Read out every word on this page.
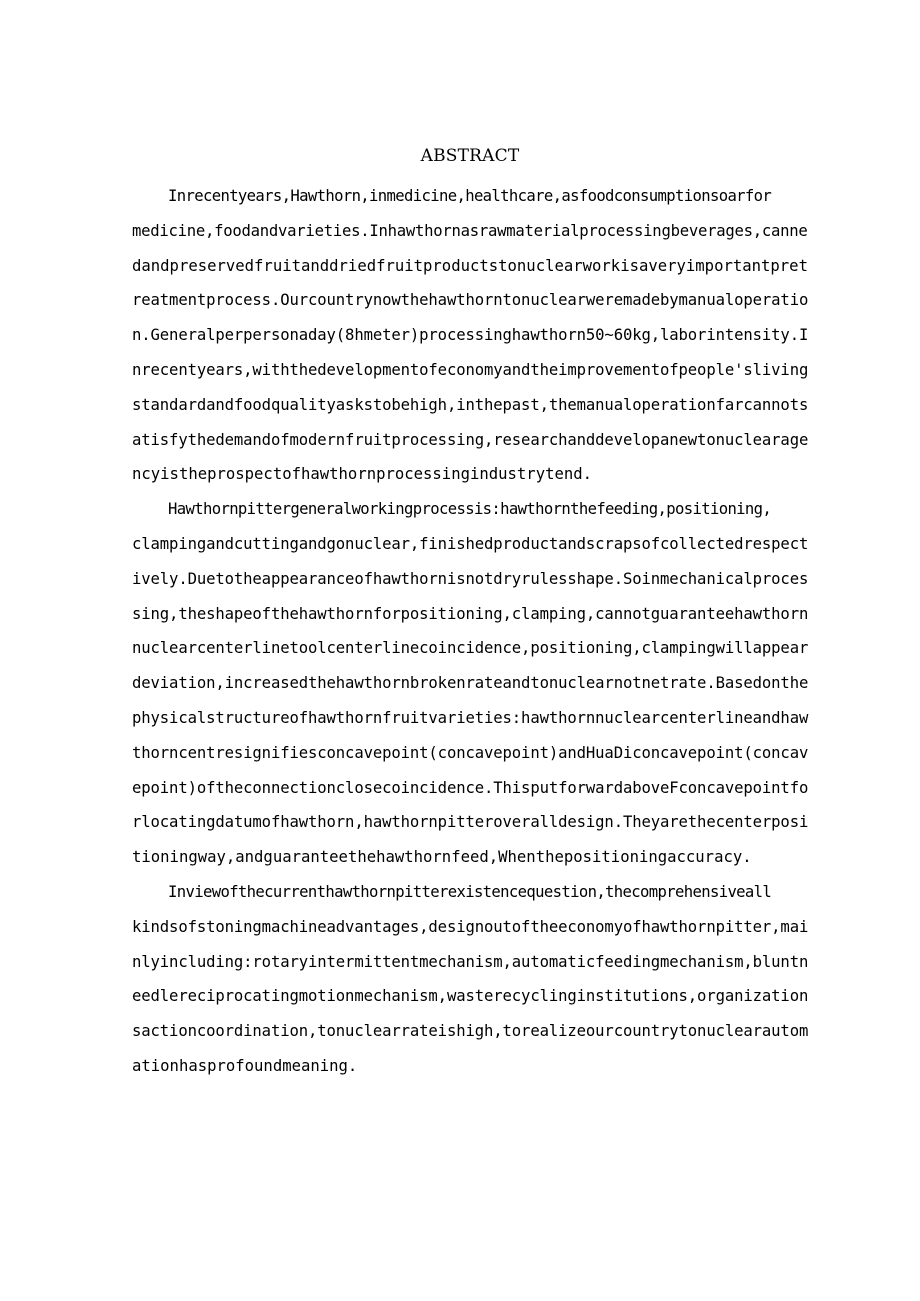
ABSTRACT
Inrecentyears,Hawthorn,inmedicine,healthcare,asfoodconsumptionsoarfor
medicine,foodandvarieties.Inhawthornasrawmaterialprocessingbeverages,canne
dandpreservedfruitanddriedfruitproductstonuclearworkisaveryimportantpret
reatmentprocess.Ourcountrynowthehawthorntonuclearweremadebymanualoperatio
n.Generalperpersonaday(8hmeter)processinghawthorn50~60kg,laborintensity.I
nrecentyears,withthedevelopmentofeconomyandtheimprovementofpeople'sliving
standardandfoodqualityaskstobehigh,inthepast,themanualoperationfarcannots
atisfythedemandofmodernfruitprocessing,researchanddevelopanewtonuclearage
ncyistheprospectofhawthornprocessingindustrytend.
Hawthornpittergeneralworkingprocessis:hawthornthefeeding,positioning,
clampingandcuttingandgonuclear,finishedproductandscrapsofcollectedrespect
ively.Duetotheappearanceofhawthornisnotdryrulesshape.Soinmechanicalproces
sing,theshapeofthehawthornforpositioning,clamping,cannotguaranteehawthorn
nuclearcenterlinetoolcenterlinecoincidence,positioning,clampingwillappear
deviation,increasedthehawthornbrokenrateandtonuclearnotnetrate.Basedonthe
physicalstructureofhawthornfruitvarieties:hawthornnuclearcenterlineandhaw
thorncentresignifiesconcavepoint(concavepoint)andHuaDiconcavepoint(concav
epoint)oftheconnectionclosecoincidence.ThisputforwardaboveFconcavepointfo
rlocatingdatumofhawthorn,hawthornpitteroveralldesign.Theyarethecenterposi
tioningway,andguaranteethehawthornfeed,Whenthepositioningaccuracy.
Inviewofthecurrenthawthornpitterexistencequestion,thecomprehensiveall
kindsofstoningmachineadvantages,designoutoftheeconomyofhawthornpitter,mai
nlyincluding:rotaryintermittentmechanism,automaticfeedingmechanism,bluntn
eedlereciprocatingmotionmechanism,wasterecyclinginstitutions,organization
sactioncoordination,tonuclearrateishigh,torealizeourcountrytonuclearautom
ationhasprofoundmeaning.
